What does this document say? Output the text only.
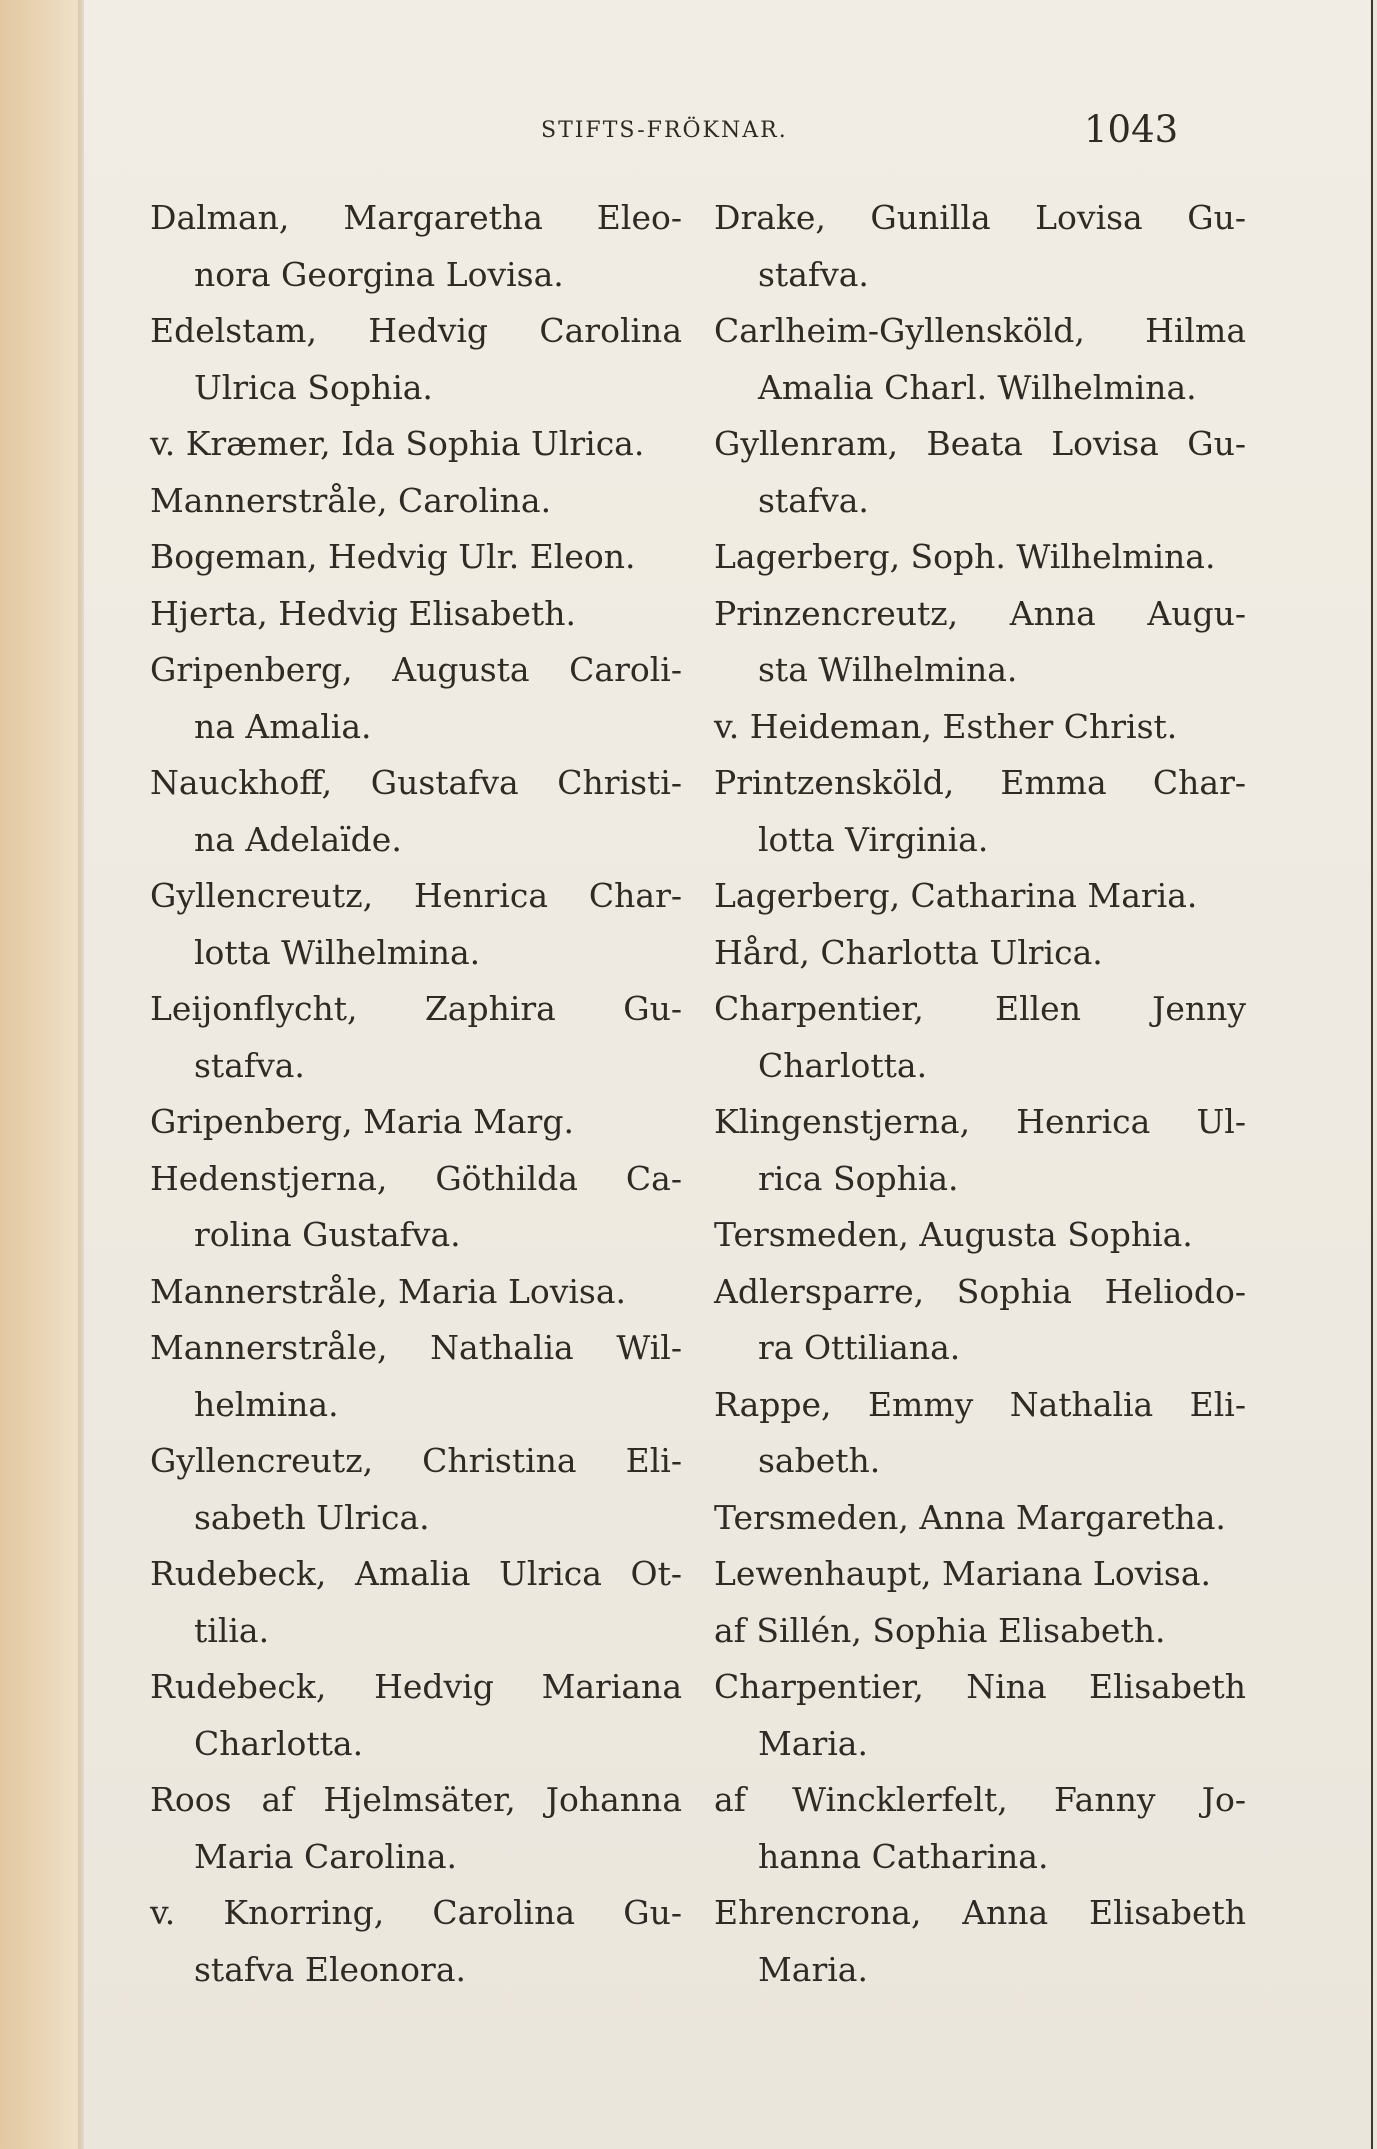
STIFTS-FRÖKNAR.	1043

Dalman, Margaretha Eleo-
nora Georgina Lovisa.

Edelstam, Hedvig Carolina
Ulrica Sophia.

v. Kræmer, Ida Sophia Ulrica.

Mannerstråle, Carolina.

Bogeman, Hedvig Ulr. Eleon.

Hjerta, Hedvig Elisabeth.

Gripenberg, Augusta Caroli-
na Amalia.

Nauckhoff, Gustafva Christi-
na Adelaïde.

Gyllencreutz, Henrica Char-
lotta Wilhelmina.

Leijonflycht, Zaphira Gu-
stafva.

Gripenberg, Maria Marg.

Hedenstjerna, Göthilda Ca-
rolina Gustafva.

Mannerstråle, Maria Lovisa.

Mannerstråle, Nathalia Wil-
helmina.

Gyllencreutz, Christina Eli-
sabeth Ulrica.

Rudebeck, Amalia Ulrica Ot-
tilia.

Rudebeck, Hedvig Mariana
Charlotta.

Roos af Hjelmsäter, Johanna
Maria Carolina.

v. Knorring, Carolina Gu-
stafva Eleonora.

Drake, Gunilla Lovisa Gu-
stafva.

Carlheim-Gyllensköld, Hilma
Amalia Charl. Wilhelmina.

Gyllenram, Beata Lovisa Gu-
stafva.

Lagerberg, Soph. Wilhelmina.

Prinzencreutz, Anna Augu-
sta Wilhelmina.

v. Heideman, Esther Christ.

Printzensköld, Emma Char-
lotta Virginia.

Lagerberg, Catharina Maria.

Hård, Charlotta Ulrica.

Charpentier, Ellen Jenny
Charlotta.

Klingenstjerna, Henrica Ul-
rica Sophia.

Tersmeden, Augusta Sophia.

Adlersparre, Sophia Heliodo-
ra Ottiliana.

Rappe, Emmy Nathalia Eli-
sabeth.

Tersmeden, Anna Margaretha.

Lewenhaupt, Mariana Lovisa.

af Sillén, Sophia Elisabeth.

Charpentier, Nina Elisabeth
Maria.

af Wincklerfelt, Fanny Jo-
hanna Catharina.

Ehrencrona, Anna Elisabeth
Maria.
